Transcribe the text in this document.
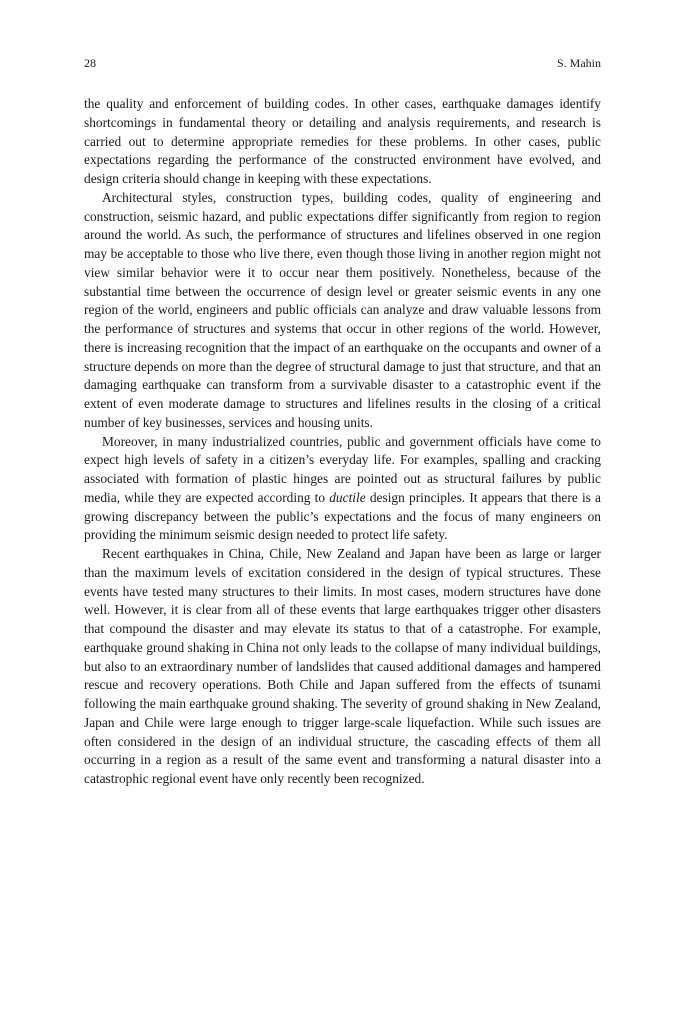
28	S. Mahin

the quality and enforcement of building codes. In other cases, earthquake damages identify shortcomings in fundamental theory or detailing and analysis requirements, and research is carried out to determine appropriate remedies for these problems. In other cases, public expectations regarding the performance of the constructed environment have evolved, and design criteria should change in keeping with these expectations.

Architectural styles, construction types, building codes, quality of engineering and construction, seismic hazard, and public expectations differ significantly from region to region around the world. As such, the performance of structures and lifelines observed in one region may be acceptable to those who live there, even though those living in another region might not view similar behavior were it to occur near them positively. Nonetheless, because of the substantial time between the occurrence of design level or greater seismic events in any one region of the world, engineers and public officials can analyze and draw valuable lessons from the performance of structures and systems that occur in other regions of the world. However, there is increasing recognition that the impact of an earthquake on the occupants and owner of a structure depends on more than the degree of structural damage to just that structure, and that an damaging earthquake can transform from a survivable disaster to a catastrophic event if the extent of even moderate damage to structures and lifelines results in the closing of a critical number of key businesses, services and housing units.

Moreover, in many industrialized countries, public and government officials have come to expect high levels of safety in a citizen’s everyday life. For examples, spalling and cracking associated with formation of plastic hinges are pointed out as structural failures by public media, while they are expected according to ductile design principles. It appears that there is a growing discrepancy between the public’s expectations and the focus of many engineers on providing the minimum seismic design needed to protect life safety.

Recent earthquakes in China, Chile, New Zealand and Japan have been as large or larger than the maximum levels of excitation considered in the design of typical structures. These events have tested many structures to their limits. In most cases, modern structures have done well. However, it is clear from all of these events that large earthquakes trigger other disasters that compound the disaster and may elevate its status to that of a catastrophe. For example, earthquake ground shaking in China not only leads to the collapse of many individual buildings, but also to an extraordinary number of landslides that caused additional damages and hampered rescue and recovery operations. Both Chile and Japan suffered from the effects of tsunami following the main earthquake ground shaking. The severity of ground shaking in New Zealand, Japan and Chile were large enough to trigger large-scale liquefaction. While such issues are often considered in the design of an individual structure, the cascading effects of them all occurring in a region as a result of the same event and transforming a natural disaster into a catastrophic regional event have only recently been recognized.
